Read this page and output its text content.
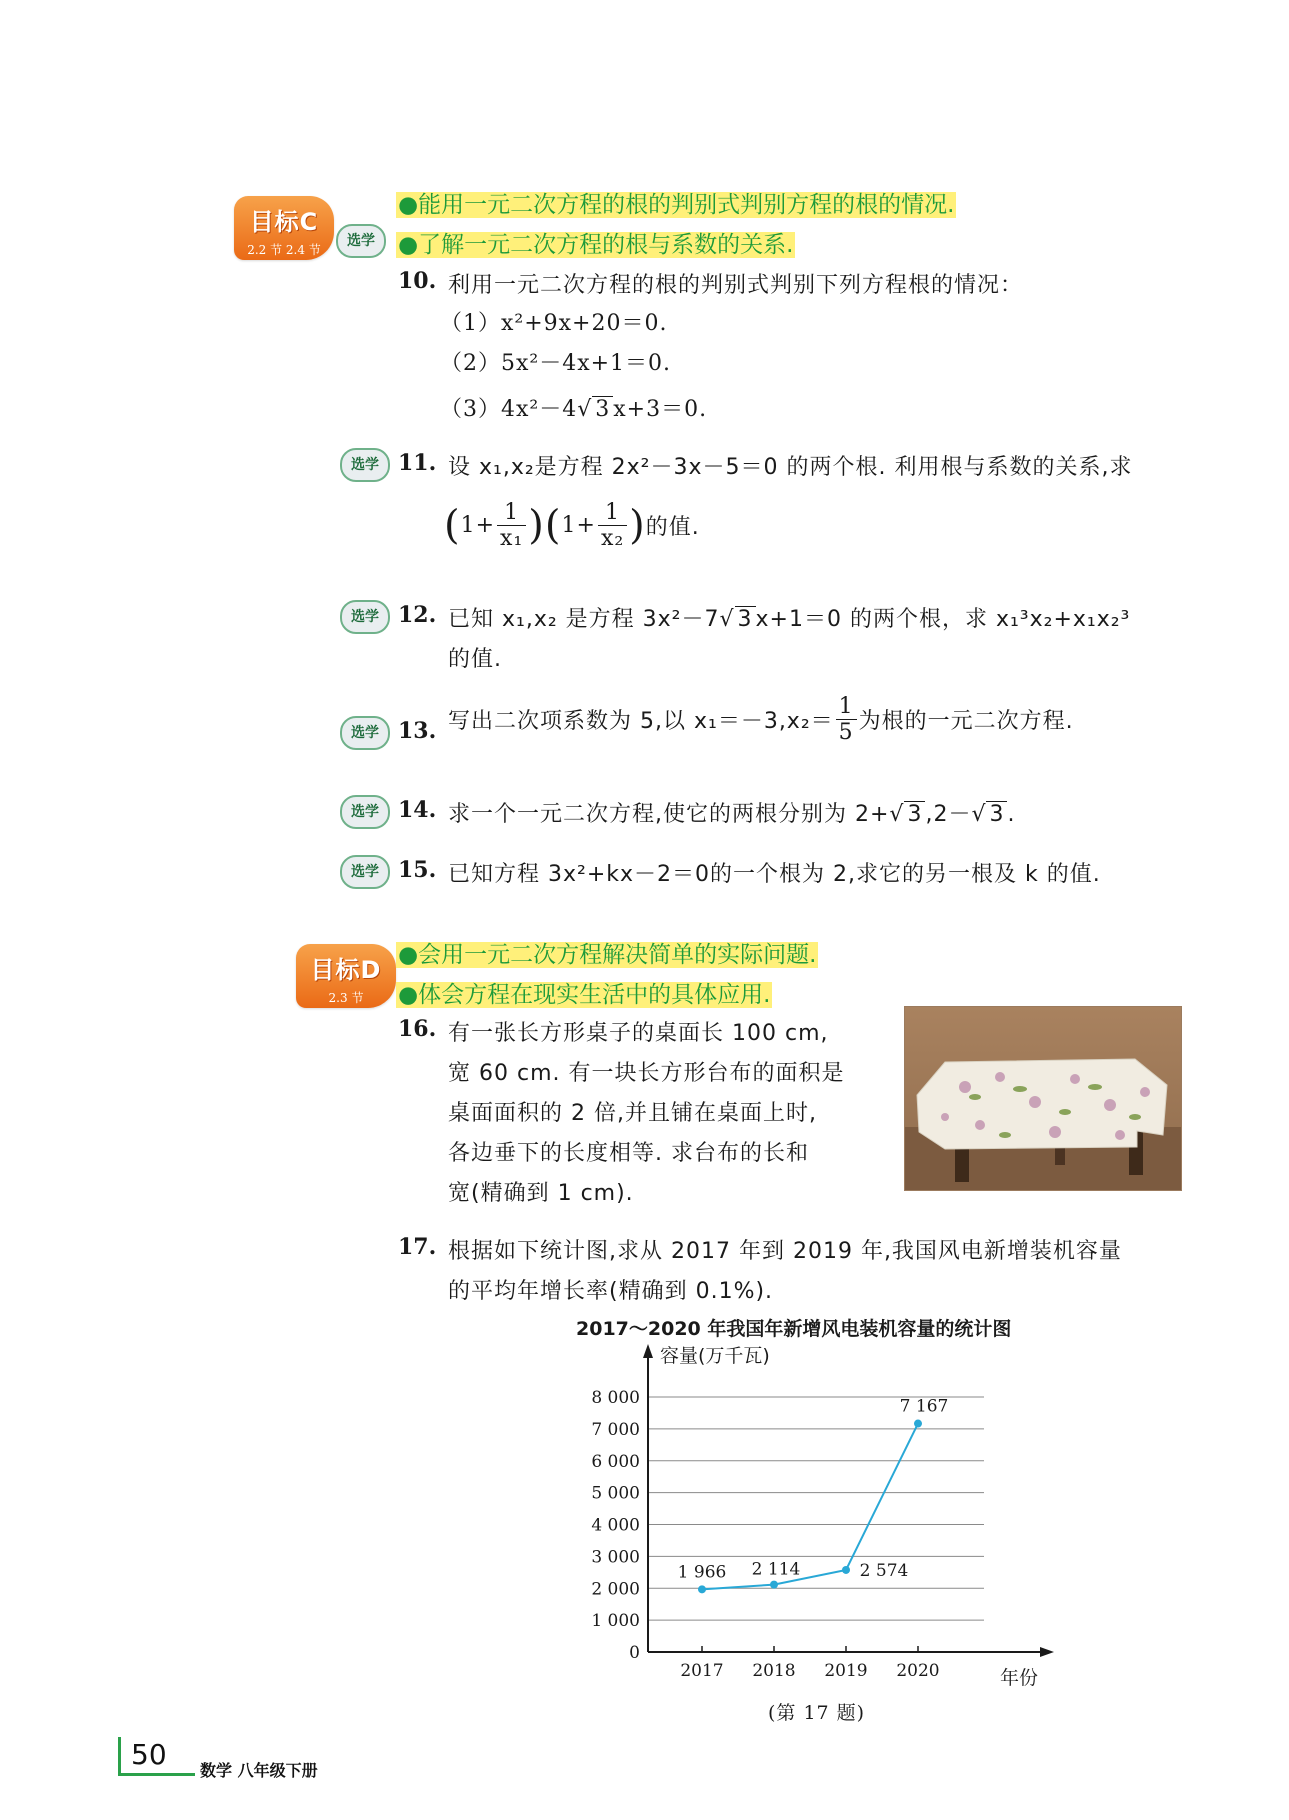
目标C
2.2 节 2.4 节
●能用一元二次方程的根的判别式判别方程的根的情况.
选学	●了解一元二次方程的根与系数的关系.
10. 利用一元二次方程的根的判别式判别下列方程根的情况：
（1）x²+9x+20＝0.
（2）5x²－4x+1＝0.
（3）4x²－4√ 3 x+3＝0.
选学 11. 设 x₁,x₂是方程 2x²－3x－5＝0 的两个根. 利用根与系数的关系,求
$(1+ \frac{1}{\text{x₁}} )(1+ \frac{1}{\text{x₂}}$ )的值.
选学 12. 已知 x₁,x₂ 是方程 3x²－7√ 3 x+1＝0 的两个根，求 x₁³x₂+x₁x₂³
的值.
选学 13. 写出二次项系数为 5,以 $x_1=-3,x_2= \frac{1}{5}$ 为根的一元二次方程.
选学 14. 求一个一元二次方程,使它的两根分别为 2+√ 3 ,2－√ 3 .
选学 15. 已知方程 3x²+kx－2＝0的一个根为 2,求它的另一根及 k 的值.
目标D
2.3 节
●会用一元二次方程解决简单的实际问题.
●体会方程在现实生活中的具体应用.
16. 有一张长方形桌子的桌面长 100 cm,
宽 60 cm. 有一块长方形台布的面积是
桌面面积的 2 倍,并且铺在桌面上时,
各边垂下的长度相等. 求台布的长和
宽(精确到 1 cm).
17. 根据如下统计图,求从 2017 年到 2019 年,我国风电新增装机容量
的平均年增长率(精确到 0.1%).
2017～2020 年我国年新增风电装机容量的统计图
容量(万千瓦)
年份
0
1 000
2 000
3 000
4 000
5 000
6 000
7 000
8 000
2017 2018 2019 2020
1 966 2 114	2 574
7 167
(第 17 题)
50	数学 八年级下册
